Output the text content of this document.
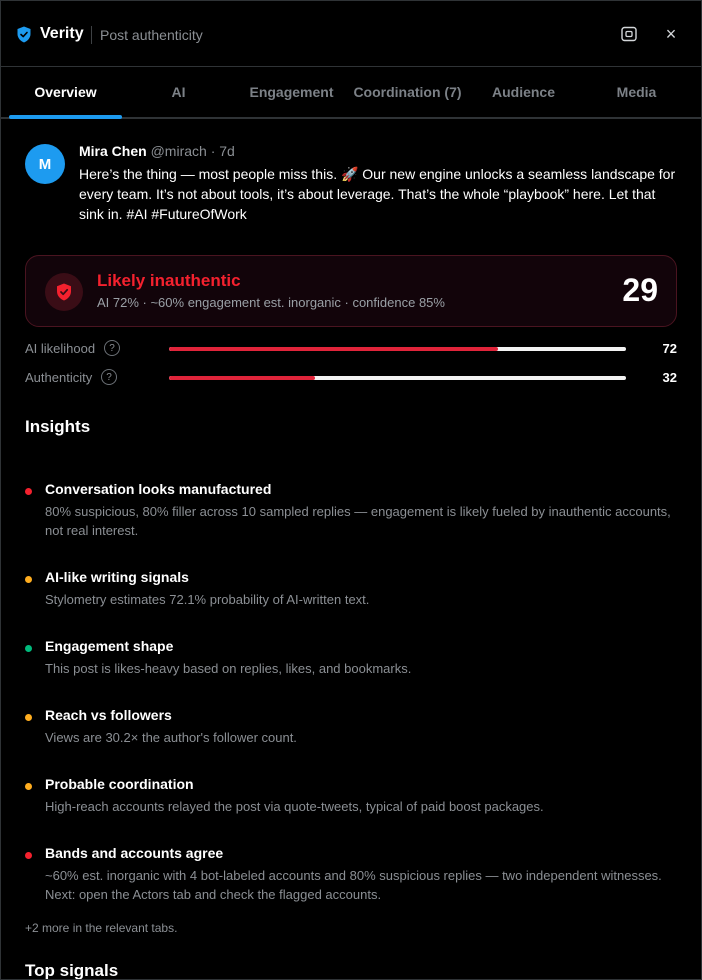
Verity Post authenticity	×
Overview	AI	Engagement	Coordination (7)	Audience	Media
M
Mira Chen @mirach · 7d
Here’s the thing — most people miss this. 🚀 Our new engine unlocks a seamless landscape for every team. It’s not about tools, it’s about leverage. That’s the whole “playbook” here. Let that sink in. #AI #FutureOfWork
Likely inauthentic
AI 72% · ~60% engagement est. inorganic · confidence 85%	29
AI likelihood	?	72
Authenticity	?	32
Insights
Conversation looks manufactured
80% suspicious, 80% filler across 10 sampled replies — engagement is likely fueled by inauthentic accounts, not real interest.
AI-like writing signals
Stylometry estimates 72.1% probability of AI-written text.
Engagement shape
This post is likes-heavy based on replies, likes, and bookmarks.
Reach vs followers
Views are 30.2× the author's follower count.
Probable coordination
High-reach accounts relayed the post via quote-tweets, typical of paid boost packages.
Bands and accounts agree
~60% est. inorganic with 4 bot-labeled accounts and 80% suspicious replies — two independent witnesses. Next: open the Actors tab and check the flagged accounts.
+2 more in the relevant tabs.
Top signals
